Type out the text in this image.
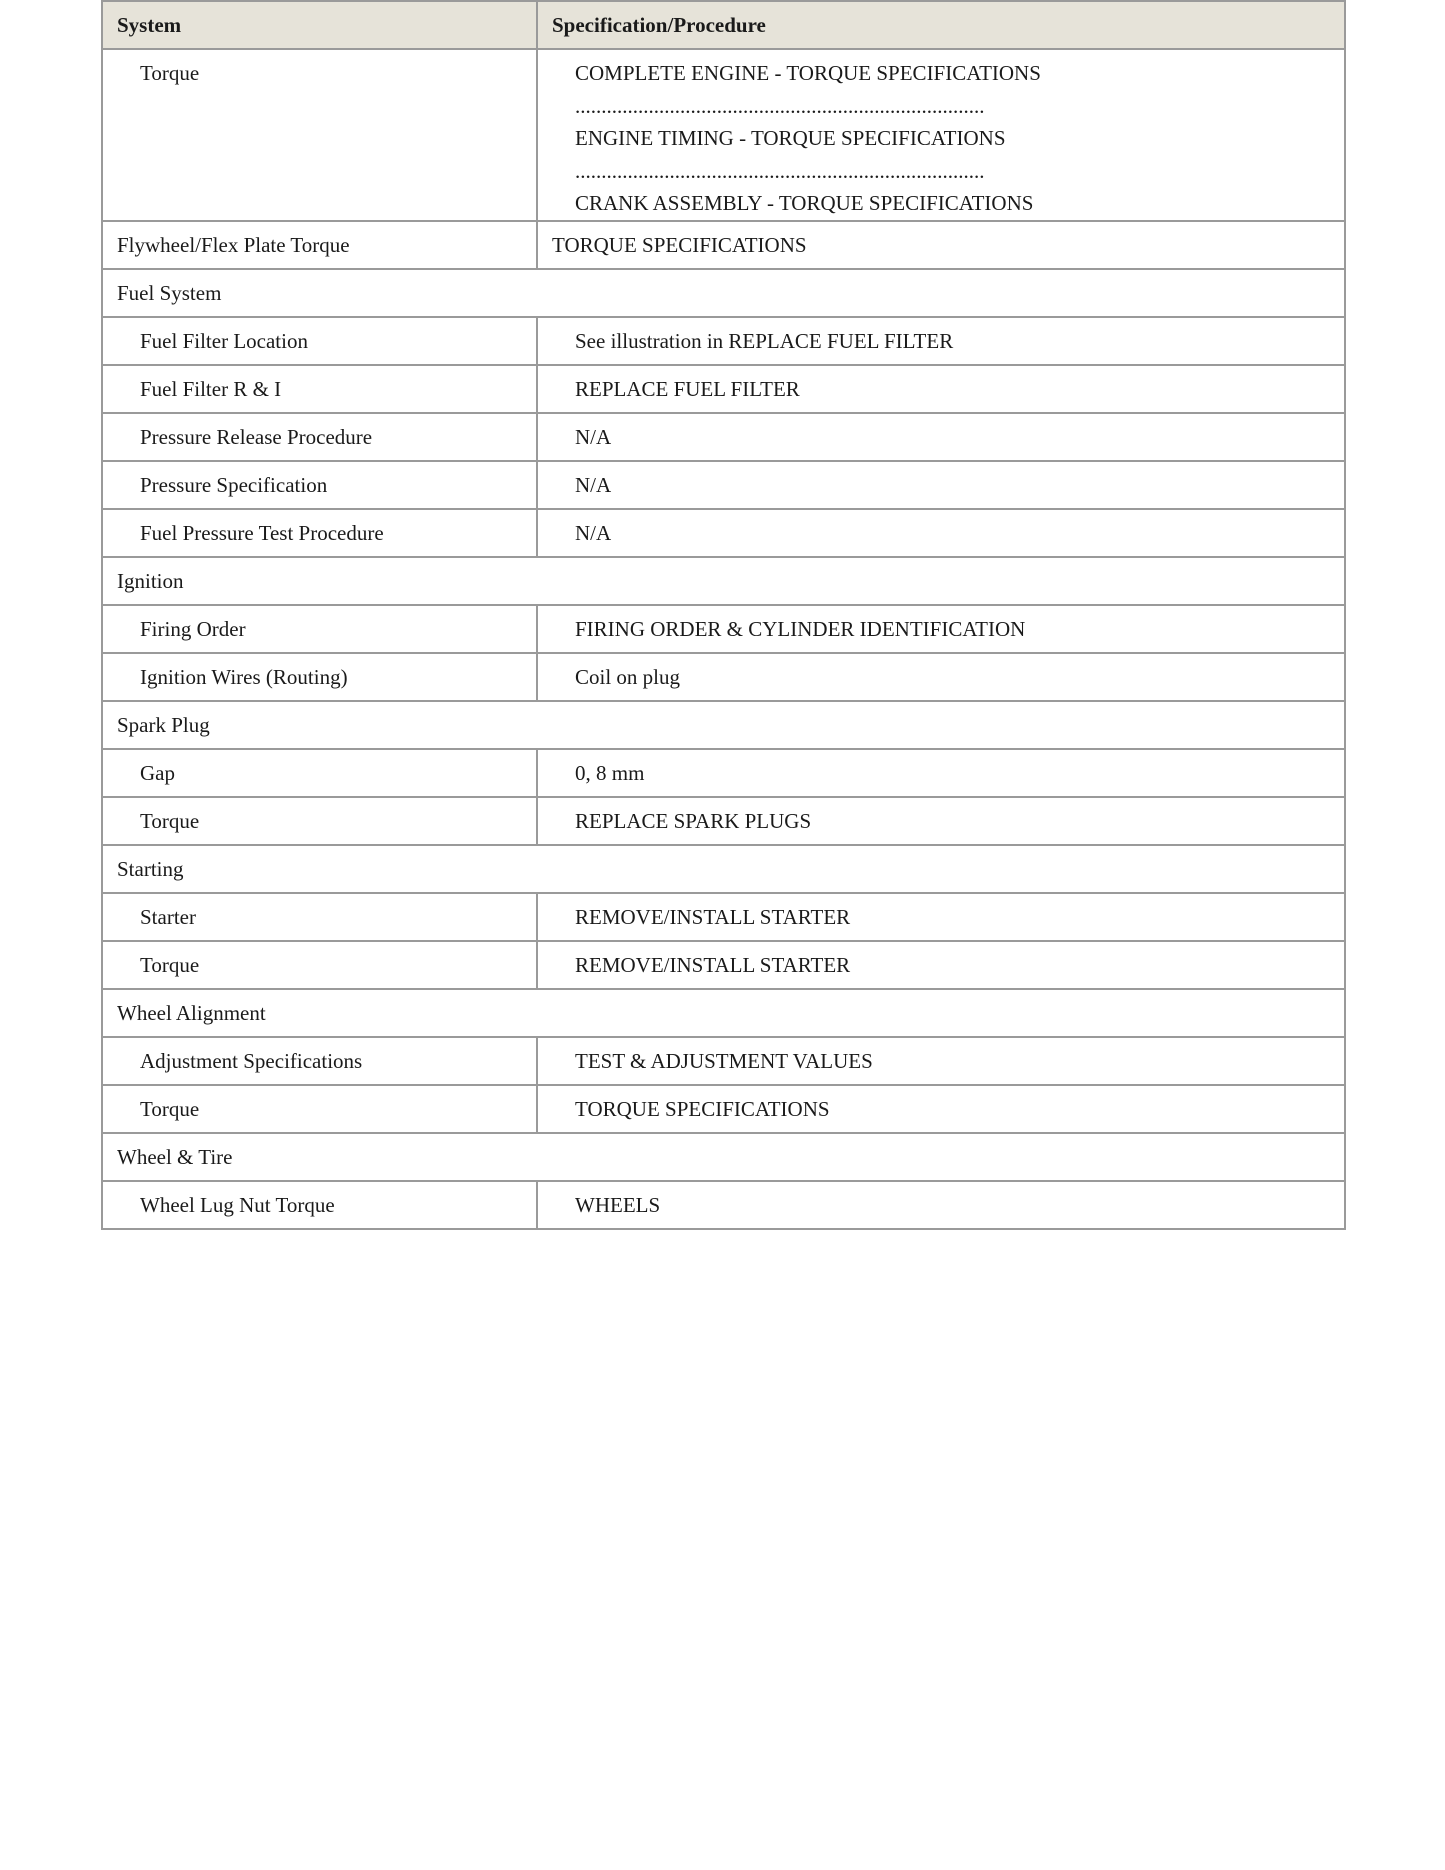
System	Specification/Procedure
Torque	COMPLETE ENGINE - TORQUE SPECIFICATIONS
..............................................................................
ENGINE TIMING - TORQUE SPECIFICATIONS
..............................................................................
CRANK ASSEMBLY - TORQUE SPECIFICATIONS

Flywheel/Flex Plate Torque	TORQUE SPECIFICATIONS
Fuel System	
Fuel Filter Location	See illustration in REPLACE FUEL FILTER
Fuel Filter R & I	REPLACE FUEL FILTER
Pressure Release Procedure	N/A
Pressure Specification	N/A
Fuel Pressure Test Procedure	N/A
Ignition	
Firing Order	FIRING ORDER & CYLINDER IDENTIFICATION
Ignition Wires (Routing)	Coil on plug
Spark Plug	
Gap	0, 8 mm
Torque	REPLACE SPARK PLUGS
Starting	
Starter	REMOVE/INSTALL STARTER
Torque	REMOVE/INSTALL STARTER
Wheel Alignment	
Adjustment Specifications	TEST & ADJUSTMENT VALUES
Torque	TORQUE SPECIFICATIONS
Wheel & Tire	
Wheel Lug Nut Torque	WHEELS
